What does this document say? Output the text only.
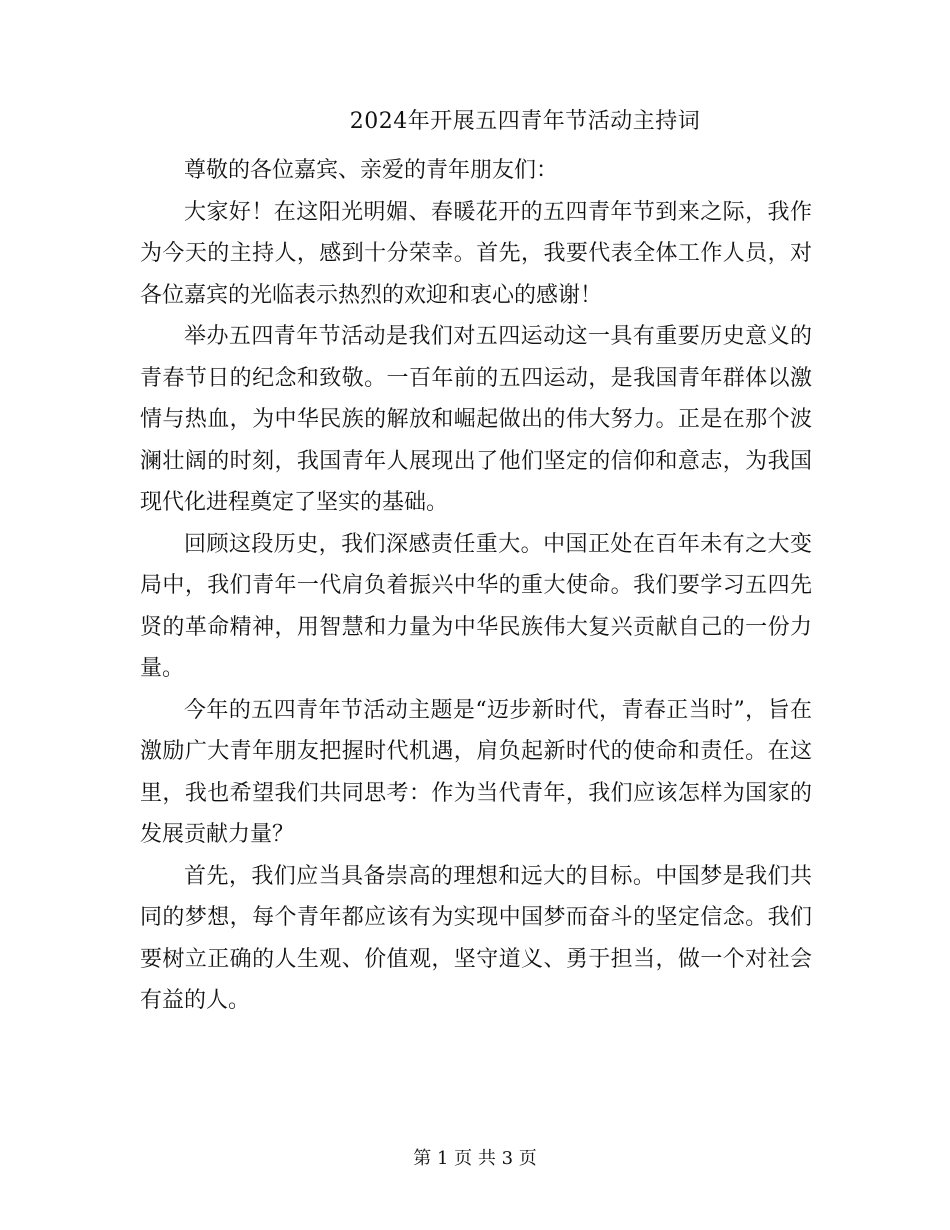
2024年开展五四青年节活动主持词

尊敬的各位嘉宾、亲爱的青年朋友们：

大家好！在这阳光明媚、春暖花开的五四青年节到来之际，我作为今天的主持人，感到十分荣幸。首先，我要代表全体工作人员，对各位嘉宾的光临表示热烈的欢迎和衷心的感谢！

举办五四青年节活动是我们对五四运动这一具有重要历史意义的青春节日的纪念和致敬。一百年前的五四运动，是我国青年群体以激情与热血，为中华民族的解放和崛起做出的伟大努力。正是在那个波澜壮阔的时刻，我国青年人展现出了他们坚定的信仰和意志，为我国现代化进程奠定了坚实的基础。

回顾这段历史，我们深感责任重大。中国正处在百年未有之大变局中，我们青年一代肩负着振兴中华的重大使命。我们要学习五四先贤的革命精神，用智慧和力量为中华民族伟大复兴贡献自己的一份力量。

今年的五四青年节活动主题是“迈步新时代，青春正当时”，旨在激励广大青年朋友把握时代机遇，肩负起新时代的使命和责任。在这里，我也希望我们共同思考：作为当代青年，我们应该怎样为国家的发展贡献力量？

首先，我们应当具备崇高的理想和远大的目标。中国梦是我们共同的梦想，每个青年都应该有为实现中国梦而奋斗的坚定信念。我们要树立正确的人生观、价值观，坚守道义、勇于担当，做一个对社会有益的人。

第 1 页 共 3 页
